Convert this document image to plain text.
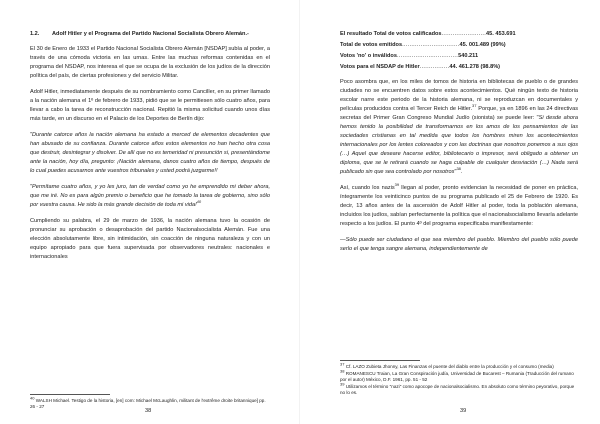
1.2.	Adolf Hitler y el Programa del Partido Nacional Socialista Obrero Alemán.-

El 30 de Enero de 1933 el Partido Nacional Socialista Obrero Alemán [NSDAP] subía al poder, a través de una cómoda victoria en las urnas. Entre las muchas reformas contenidas en el programa del NSDAP, nos interesa el que se ocupa de la exclusión de los judíos de la dirección política del país, de ciertas profesiones y del servicio Militar.

Adolf Hitler, inmediatamente después de su nombramiento como Canciller, en su primer llamado a la nación alemana el 1º de febrero de 1933, pidió que se le permitiesen sólo cuatro años, para llevar a cabo la tarea de reconstrucción nacional. Repitió la misma solicitud cuando unos días más tarde, en un discurso en el Palacio de los Deportes de Berlín dijo:

"Durante catorce años la nación alemana ha estado a merced de elementos decadentes que han abusado de su confianza. Durante catorce años estos elementos no han hecho otra cosa que destruir, desintegrar y disolver. De allí que no es temeridad ni presunción si, presentándome ante la nación, hoy día, pregunto: ¡Nación alemana, danos cuatro años de tiempo, después de lo cual puedes acusarnos ante vuestros tribunales y usted podrá juzgarme!!

"Permítame cuatro años, y yo les juro, tan de verdad como yo he emprendido mi deber ahora, que me iré. No es para algún premio o beneficio que he tomado la tarea de gobierno, sino sólo por vuestra causa. He sido la más grande decisión de toda mi vida!$^{40}$

Cumpliendo su palabra, el 29 de marzo de 1936, la nación alemana tuvo la ocasión de pronunciar su aprobación o desaprobación del partido Nacionalsocialista Alemán. Fue una elección absolutamente libre, sin intimidación, sin coacción de ninguna naturaleza y con un equipo apropiado para que fuera supervisada por observadores neutrales: nacionales e internacionales

$^{40}$ WALSH Michael. Testigo de la historia, [en] com: Michael McLaughlin, militant de l'extrême droite britannique] pp. 26 - 27
38
El resultado Total de votos calificados........................45. 453.691
Total de votos emitidos...............................45. 001.489 (99%)
Votos 'no' o inválidos.................................540.211
Votos para el NSDAP de Hitler................44. 461.278 (98.8%)

Poco asombra que, en los miles de tomos de historia en bibliotecas de pueblo o de grandes ciudades no se encuentren datos sobre estos acontecimientos. Qué ningún texto de historia escolar narre este periodo de la historia alemana, ni se reproduzcan en documentales y películas producidos contra el Tercer Reich de Hitler.$^{37}$ Porque, ya en 1896 en las 24 directivas secretas del Primer Gran Congreso Mundial Judío (sionista) se puede leer: "Si desde ahora hemos tenido la posibilidad de transformarnos en los amos de los pensamientos de las sociedades cristianas en tal medida que todos los hombres miren los acontecimientos internacionales por los lentes coloreados y con las doctrinas que nosotros ponemos a sus ojos (…) Aquel que deseare hacerse editor, bibliotecario o impresor, será obligado a obtener un diploma, que se le retirará cuando se haga culpable de cualquier desviación (…) Nada será publicado sin que sea controlado por nosotros"$^{38}$.

Así, cuando los nazis$^{39}$ llegan al poder, pronto evidencian la necesidad de poner en práctica, íntegramente los veinticinco puntos de su programa publicado el 25 de Febrero de 1920. Es decir, 13 años antes de la ascensión de Adolf Hitler al poder, toda la población alemana, incluidos los judíos, sabían perfectamente la política que el nacionalsocialismo llevaría adelante respecto a los judíos. El punto 4º del programa especificaba manifiestamente:

—Sólo puede ser ciudadano el que sea miembro del pueblo. Miembro del pueblo sólo puede serlo el que tenga sangre alemana, independientemente de

$^{37}$ Cf. LAZO Zubieta Jhonny, Las Finanzas el puente del diablo entre la producción y el consumo (media)
$^{38}$ ROMANESCU Traian, La Gran Conspiración judía, Universidad de Bucarest – Rumania (Traducción del rumano por el autor) México, D.F. 1961, pp. 51 - 52
$^{39}$ Utilizamos el término "nazi" como apocope de nacionalsocialismo. En absoluto como término peyorativo, porque no lo es.
39
